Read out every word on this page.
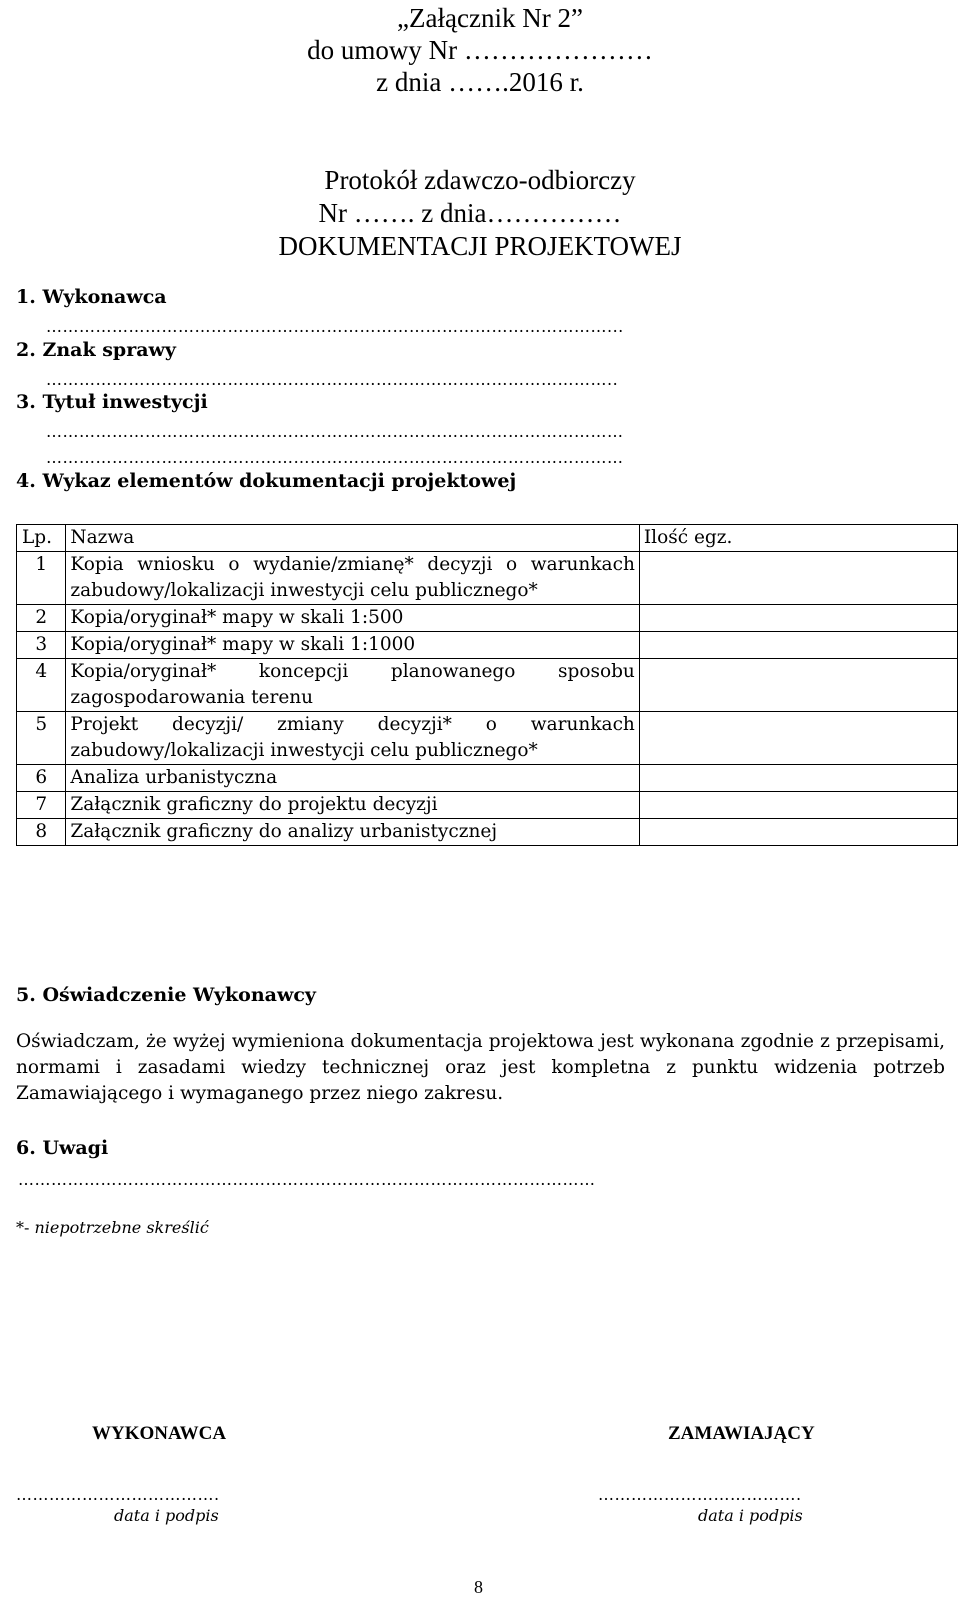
„Załącznik Nr 2”
do umowy Nr …………………
z dnia …….2016 r.
Protokół zdawczo-odbiorczy
Nr ……. z dnia……………
DOKUMENTACJI PROJEKTOWEJ
1. Wykonawca
…………………………………………………………………………………………...
2. Znak sprawy
…………………………………………………………………………………………..
3. Tytuł inwestycji
……………………………………………………………………………………………
……………………………………………………………………………………………
4. Wykaz elementów dokumentacji projektowej
Lp.	Nazwa	Ilość egz.
1	Kopia wniosku o wydanie/zmianę* decyzji o warunkach zabudowy/lokalizacji inwestycji celu publicznego*	
2	Kopia/oryginał* mapy w skali 1:500	
3	Kopia/oryginał* mapy w skali 1:1000	
4	Kopia/oryginał* koncepcji planowanego sposobu zagospodarowania terenu	
5	Projekt decyzji/ zmiany decyzji* o warunkach zabudowy/lokalizacji inwestycji celu publicznego*	
6	Analiza urbanistyczna	
7	Załącznik graficzny do projektu decyzji	
8	Załącznik graficzny do analizy urbanistycznej	
5. Oświadczenie Wykonawcy
Oświadczam, że wyżej wymieniona dokumentacja projektowa jest wykonana zgodnie z przepisami, normami i zasadami wiedzy technicznej oraz jest kompletna z punktu widzenia potrzeb Zamawiającego i wymaganego przez niego zakresu.
6. Uwagi
……………………………………………………………………………………………
*- niepotrzebne skreślić
WYKONAWCA
……………………………….
data i podpis
ZAMAWIAJĄCY
……………………………….
data i podpis
8
